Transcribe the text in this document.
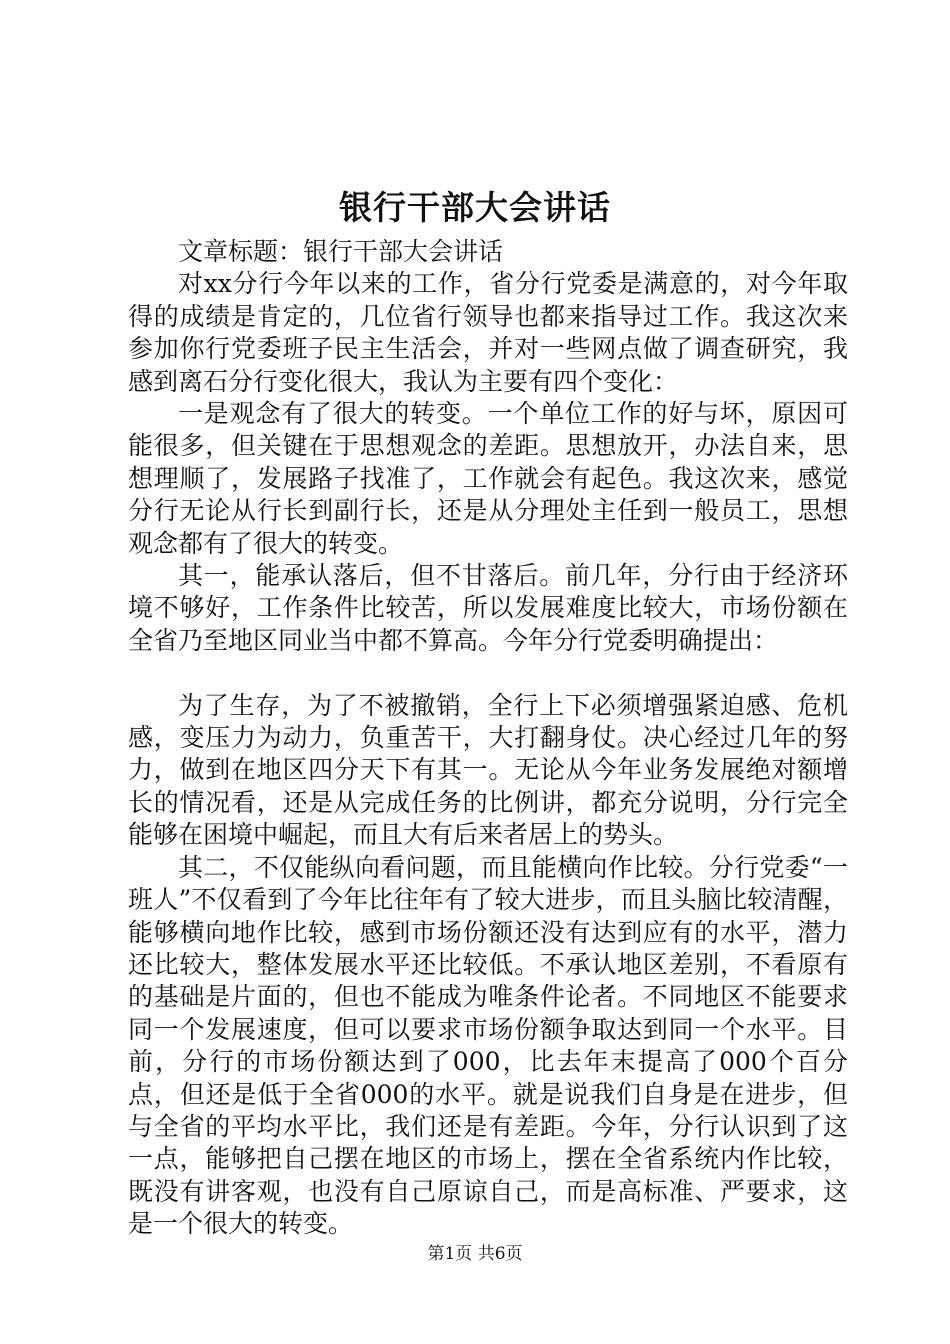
银行干部大会讲话

文章标题：银行干部大会讲话

对xx分行今年以来的工作，省分行党委是满意的，对今年取得的成绩是肯定的，几位省行领导也都来指导过工作。我这次来参加你行党委班子民主生活会，并对一些网点做了调查研究，我感到离石分行变化很大，我认为主要有四个变化：

一是观念有了很大的转变。一个单位工作的好与坏，原因可能很多，但关键在于思想观念的差距。思想放开，办法自来，思想理顺了，发展路子找准了，工作就会有起色。我这次来，感觉分行无论从行长到副行长，还是从分理处主任到一般员工，思想观念都有了很大的转变。

其一，能承认落后，但不甘落后。前几年，分行由于经济环境不够好，工作条件比较苦，所以发展难度比较大，市场份额在全省乃至地区同业当中都不算高。今年分行党委明确提出：

为了生存，为了不被撤销，全行上下必须增强紧迫感、危机感，变压力为动力，负重苦干，大打翻身仗。决心经过几年的努力，做到在地区四分天下有其一。无论从今年业务发展绝对额增长的情况看，还是从完成任务的比例讲，都充分说明，分行完全能够在困境中崛起，而且大有后来者居上的势头。

其二，不仅能纵向看问题，而且能横向作比较。分行党委“一班人”不仅看到了今年比往年有了较大进步，而且头脑比较清醒，能够横向地作比较，感到市场份额还没有达到应有的水平，潜力还比较大，整体发展水平还比较低。不承认地区差别，不看原有的基础是片面的，但也不能成为唯条件论者。不同地区不能要求同一个发展速度，但可以要求市场份额争取达到同一个水平。目前，分行的市场份额达到了000，比去年末提高了000个百分点，但还是低于全省000的水平。就是说我们自身是在进步，但与全省的平均水平比，我们还是有差距。今年，分行认识到了这一点，能够把自己摆在地区的市场上，摆在全省系统内作比较，既没有讲客观，也没有自己原谅自己，而是高标准、严要求，这是一个很大的转变。

第1页 共6页
